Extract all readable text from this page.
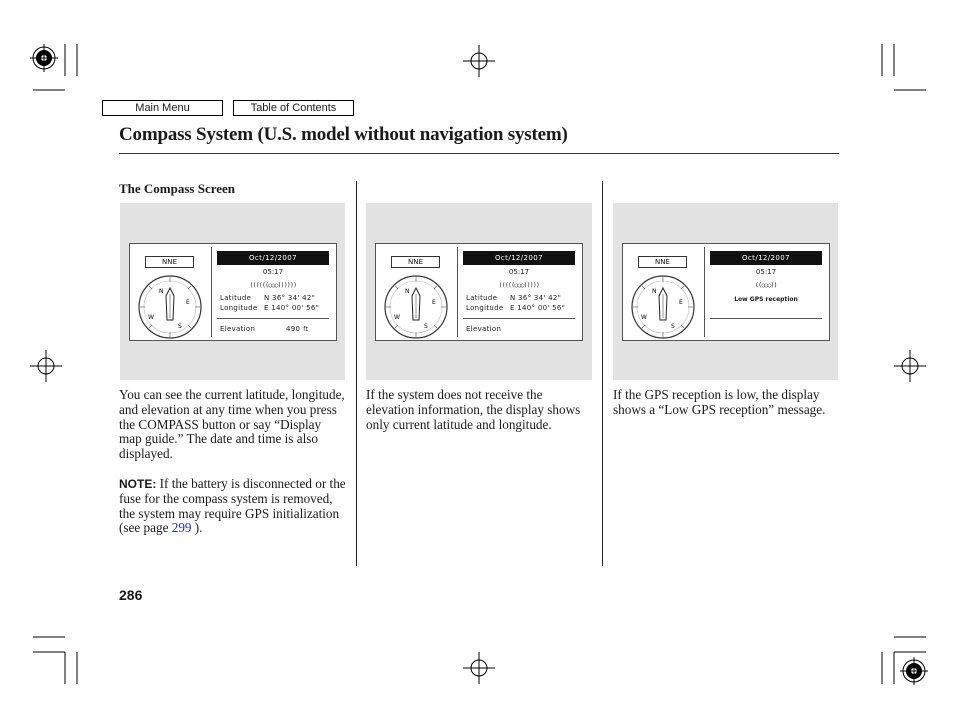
Main Menu	Table of Contents
Compass System (U.S. model without navigation system)
The Compass Screen
NNE
N
E
S
W
Oct/12/2007
05:17
((((((◯◯◯))))))
Latitude N 36° 34' 42"
Longitude E 140° 00' 56"
Elevation	490 ft
NNE
N
E
S
W
Oct/12/2007
05:17
(((((◯◯◯)))))
Latitude N 36° 34' 42"
Longitude E 140° 00' 56"
Elevation
NNE
N
E
S
W
Oct/12/2007
05:17
((◯◯◯))
Low GPS reception
You can see the current latitude, longitude, and elevation at any time when you press the COMPASS button or say “Display map guide.” The date and time is also displayed.
NOTE: If the battery is disconnected or the fuse for the compass system is removed, the system may require GPS initialization (see page 299 ).
If the system does not receive the elevation information, the display shows only current latitude and longitude.
If the GPS reception is low, the display shows a “Low GPS reception” message.
286
